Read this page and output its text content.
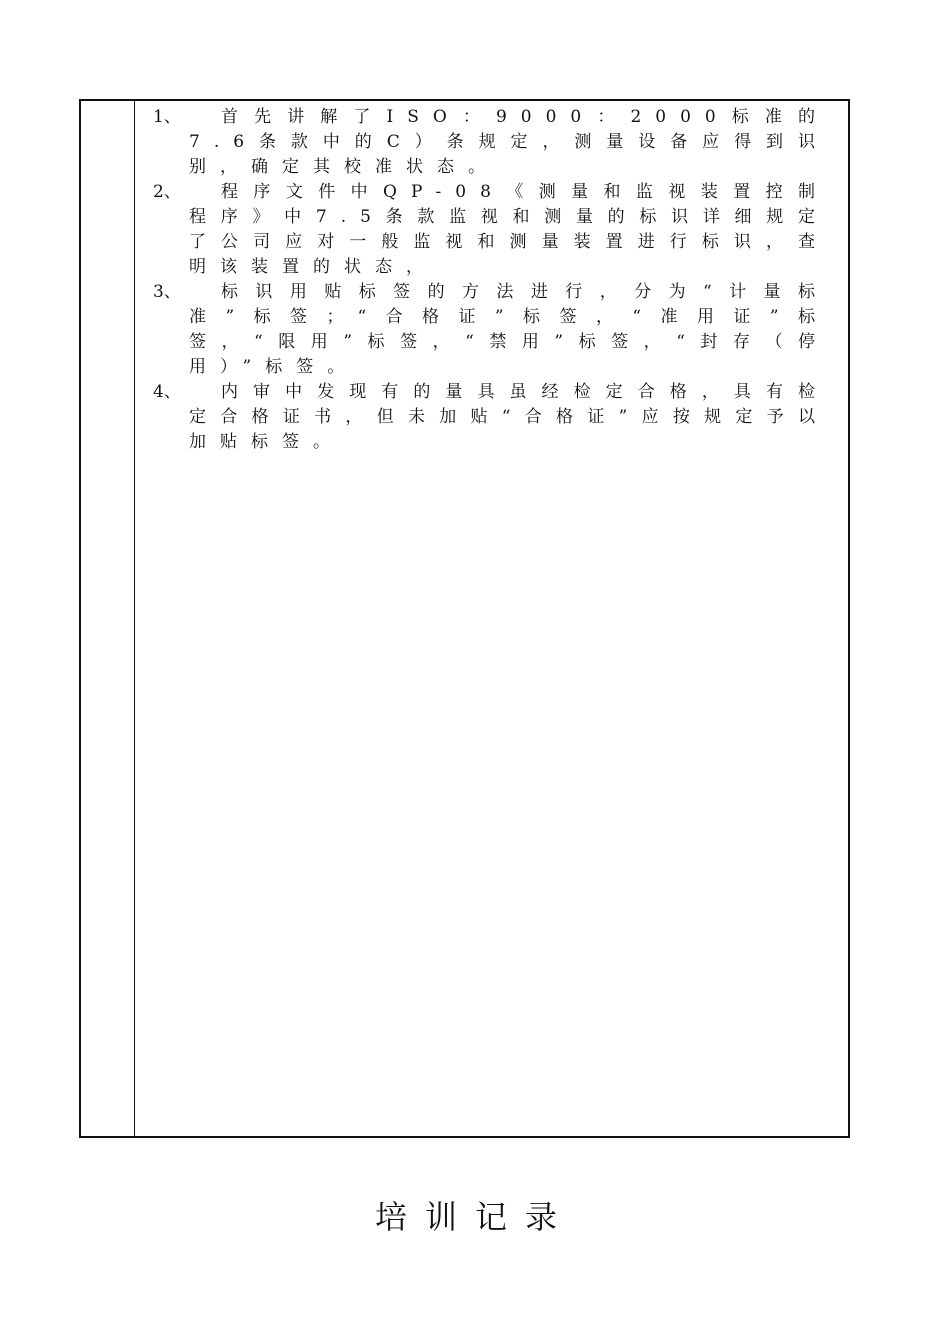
1、	首先讲解了ISO：9000：2000标准的7.6条款中的C）条规定，测量设备应得到识别，确定其校准状态。

2、	程序文件中QP-08《测量和监视装置控制程序》中7.5条款监视和测量的标识详细规定了公司应对一般监视和测量装置进行标识，查明该装置的状态，

3、	标识用贴标签的方法进行，分为“计量标准”标签；“合格证”标签，“准用证”标签，“限用”标签，“禁用”标签，“封存（停用）”标签。

4、	内审中发现有的量具虽经检定合格，具有检定合格证书，但未加贴“合格证”应按规定予以加贴标签。

培训记录
